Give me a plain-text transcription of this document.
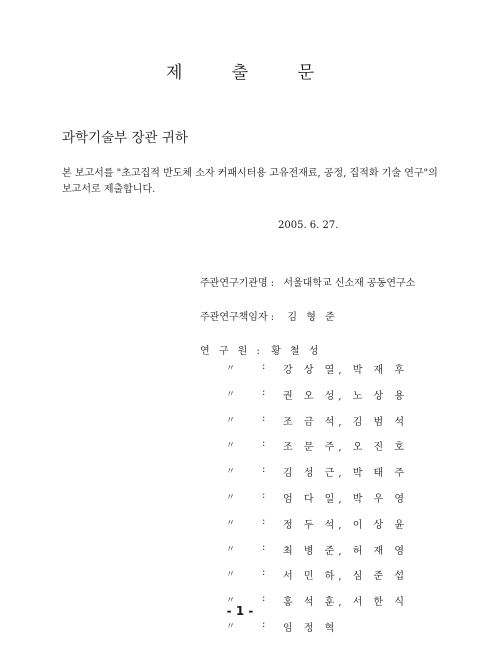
제 출 문
과학기술부 장관 귀하
본 보고서를 "초고집적 반도체 소자 커패시터용 고유전재료, 공정, 집적화 기술 연구"의
보고서로 제출합니다.
2005. 6. 27.
주관연구기관명 : 서울대학교 신소재 공동연구소
주관연구책임자 : 김 형 준
연 구 원 : 황 철 성
〃	: 강 상 열, 박 재 후
〃	: 권 오 성, 노 상 용
〃	: 조 금 석, 김 범 석
〃	: 조 문 주, 오 진 호
〃	: 김 성 근, 박 태 주
〃	: 엄 다 일, 박 우 영
〃	: 정 두 석, 이 상 윤
〃	: 최 병 준, 허 재 영
〃	: 서 민 하, 심 준 섭
〃	: 홍 석 훈, 서 한 식
〃	: 임 정 혁
- 1 -
